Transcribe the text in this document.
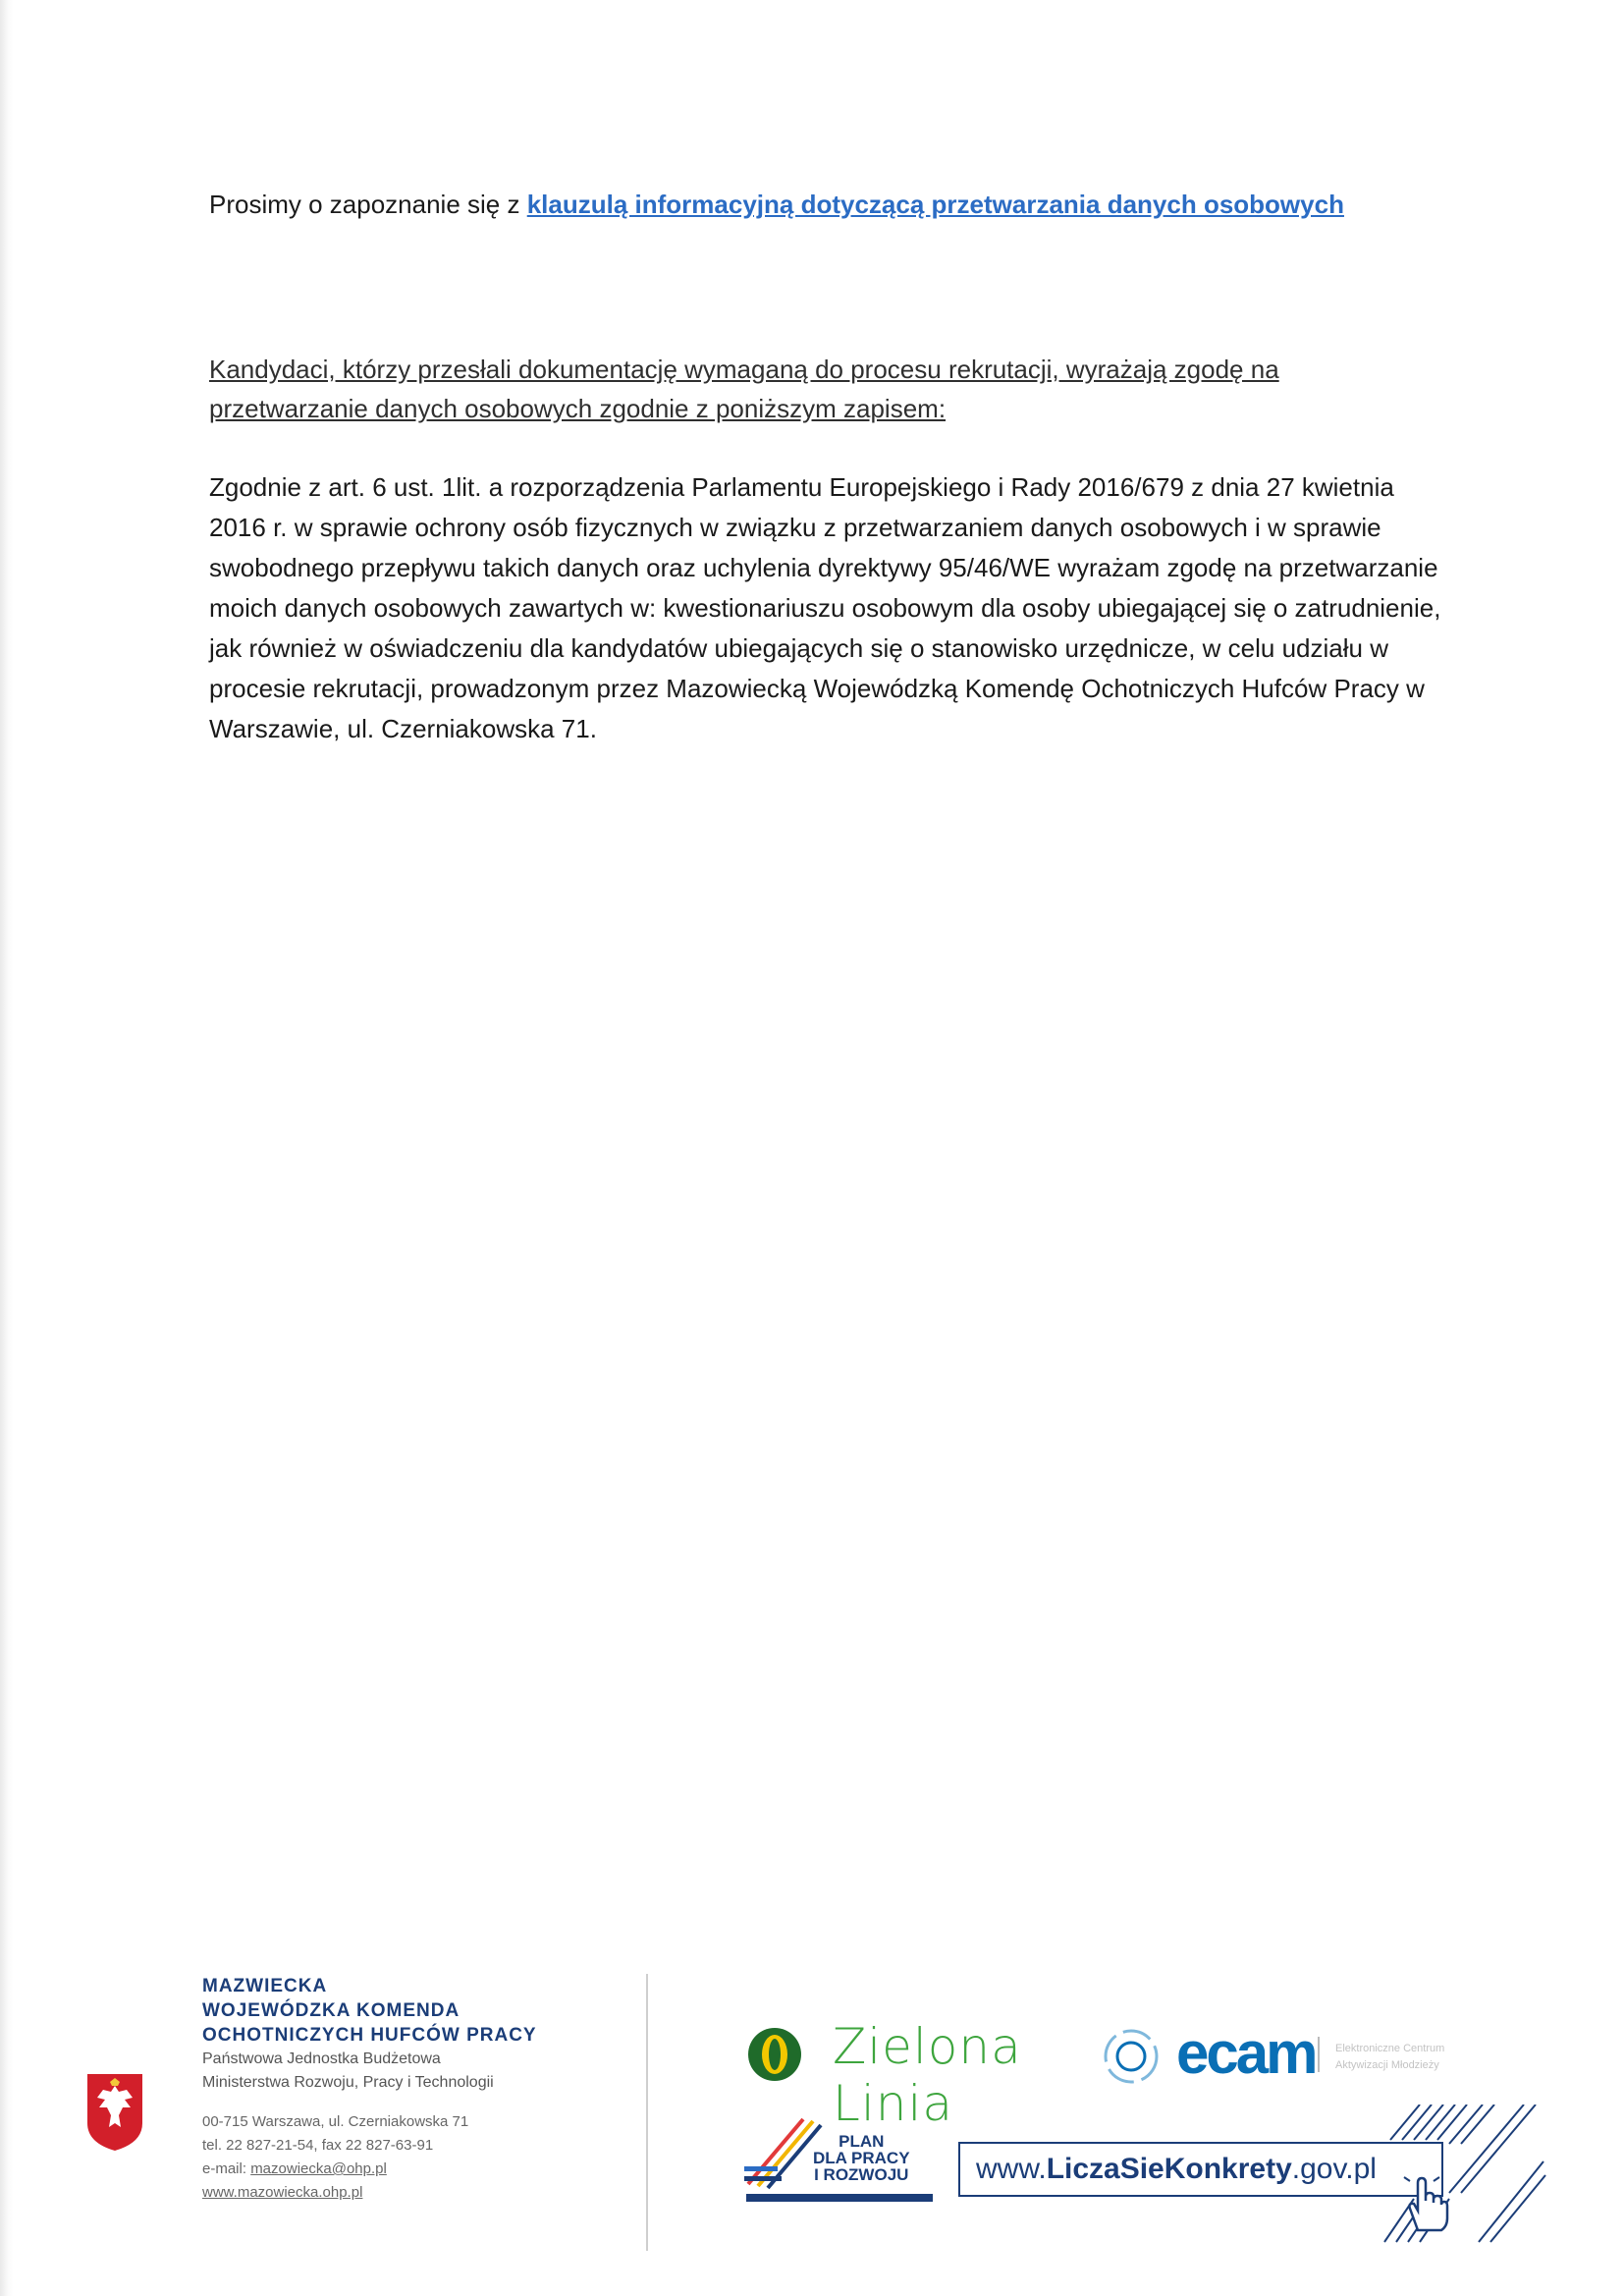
Prosimy o zapoznanie się z klauzulą informacyjną dotyczącą przetwarzania danych osobowych
Kandydaci, którzy przesłali dokumentację wymaganą do procesu rekrutacji, wyrażają zgodę na przetwarzanie danych osobowych zgodnie z poniższym zapisem:
Zgodnie z art. 6 ust. 1lit. a rozporządzenia Parlamentu Europejskiego i Rady 2016/679 z dnia 27 kwietnia 2016 r. w sprawie ochrony osób fizycznych w związku z przetwarzaniem danych osobowych i w sprawie swobodnego przepływu takich danych oraz uchylenia dyrektywy 95/46/WE wyrażam zgodę na przetwarzanie moich danych osobowych zawartych w: kwestionariuszu osobowym dla osoby ubiegającej się o zatrudnienie, jak również w oświadczeniu dla kandydatów ubiegających się o stanowisko urzędnicze, w celu udziału w procesie rekrutacji, prowadzonym przez Mazowiecką Wojewódzką Komendę Ochotniczych Hufców Pracy w Warszawie, ul. Czerniakowska 71.
MAZWIECKA
WOJEWÓDZKA KOMENDA
OCHOTNICZYCH HUFCÓW PRACY
Państwowa Jednostka Budżetowa
Ministerstwa Rozwoju, Pracy i Technologii
00-715 Warszawa, ul. Czerniakowska 71
tel. 22 827-21-54, fax 22 827-63-91
e-mail: mazowiecka@ohp.pl
www.mazowiecka.ohp.pl
Zielona Linia
ecam Elektroniczne Centrum
Aktywizacji Młodzieży
PLAN
DLA PRACY
I ROZWOJU www.LiczaSieKonkrety.gov.pl
